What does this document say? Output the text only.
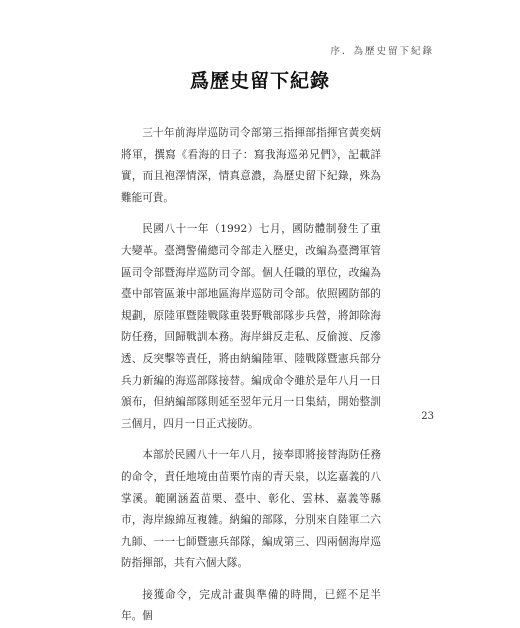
序．為歷史留下紀錄
爲歷史留下紀錄

三十年前海岸巡防司令部第三指揮部指揮官黃奕炳將軍，撰寫《看海的日子：寫我海巡弟兄們》，記載詳實，而且袍澤情深，情真意濃，為歷史留下紀錄，殊為難能可貴。

民國八十一年（1992）七月，國防體制發生了重大變革。臺灣警備總司令部走入歷史，改編為臺灣軍管區司令部暨海岸巡防司令部。個人任職的單位，改編為臺中部管區兼中部地區海岸巡防司令部。依照國防部的規劃，原陸軍暨陸戰隊重裝野戰部隊步兵營，將卸除海防任務，回歸戰訓本務。海岸緝反走私、反偷渡、反滲透、反突擊等責任，將由納編陸軍、陸戰隊暨憲兵部分兵力新編的海巡部隊接替。編成命令雖於是年八月一日頒布，但納編部隊則延至翌年元月一日集結，開始整訓三個月，四月一日正式接防。

本部於民國八十一年八月，接奉即將接替海防任務的命令，責任地境由苗栗竹南的青天泉，以迄嘉義的八掌溪。範圍涵蓋苗栗、臺中、彰化、雲林、嘉義等縣市，海岸線綿亙複雜。納編的部隊，分別來自陸軍二六九師、一一七師暨憲兵部隊，編成第三、四兩個海岸巡防指揮部，共有六個大隊。

接獲命令，完成計畫與準備的時間，已經不足半年。個

23
